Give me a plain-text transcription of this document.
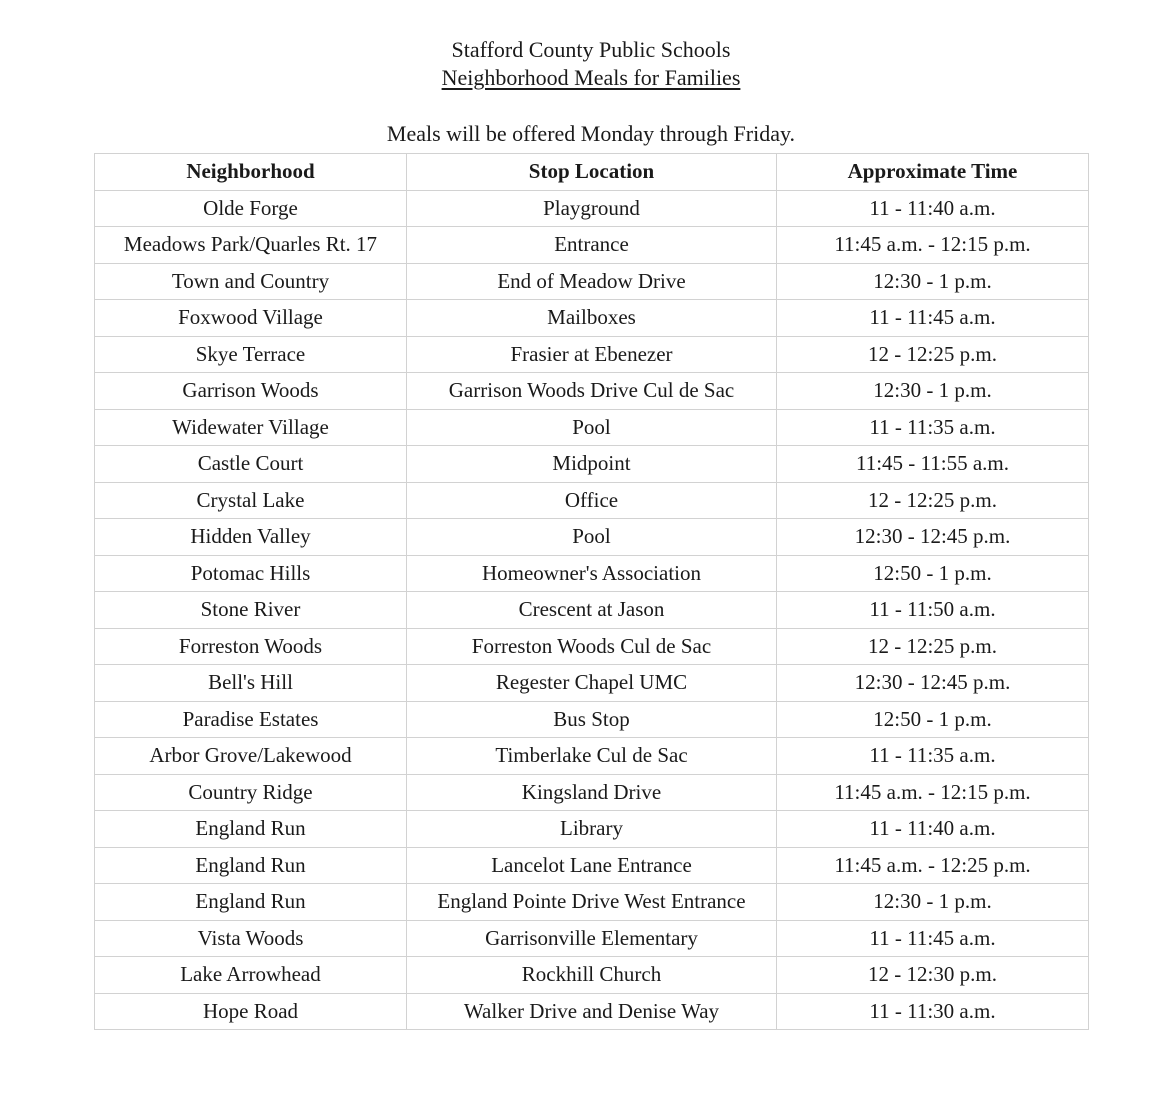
Stafford County Public Schools
Neighborhood Meals for Families
Meals will be offered Monday through Friday.
Neighborhood	Stop Location	Approximate Time
Olde Forge	Playground	11 - 11:40 a.m.
Meadows Park/Quarles Rt. 17	Entrance	11:45 a.m. - 12:15 p.m.
Town and Country	End of Meadow Drive	12:30 - 1 p.m.
Foxwood Village	Mailboxes	11 - 11:45 a.m.
Skye Terrace	Frasier at Ebenezer	12 - 12:25 p.m.
Garrison Woods	Garrison Woods Drive Cul de Sac	12:30 - 1 p.m.
Widewater Village	Pool	11 - 11:35 a.m.
Castle Court	Midpoint	11:45 - 11:55 a.m.
Crystal Lake	Office	12 - 12:25 p.m.
Hidden Valley	Pool	12:30 - 12:45 p.m.
Potomac Hills	Homeowner's Association	12:50 - 1 p.m.
Stone River	Crescent at Jason	11 - 11:50 a.m.
Forreston Woods	Forreston Woods Cul de Sac	12 - 12:25 p.m.
Bell's Hill	Regester Chapel UMC	12:30 - 12:45 p.m.
Paradise Estates	Bus Stop	12:50 - 1 p.m.
Arbor Grove/Lakewood	Timberlake Cul de Sac	11 - 11:35 a.m.
Country Ridge	Kingsland Drive	11:45 a.m. - 12:15 p.m.
England Run	Library	11 - 11:40 a.m.
England Run	Lancelot Lane Entrance	11:45 a.m. - 12:25 p.m.
England Run	England Pointe Drive West Entrance	12:30 - 1 p.m.
Vista Woods	Garrisonville Elementary	11 - 11:45 a.m.
Lake Arrowhead	Rockhill Church	12 - 12:30 p.m.
Hope Road	Walker Drive and Denise Way	11 - 11:30 a.m.
